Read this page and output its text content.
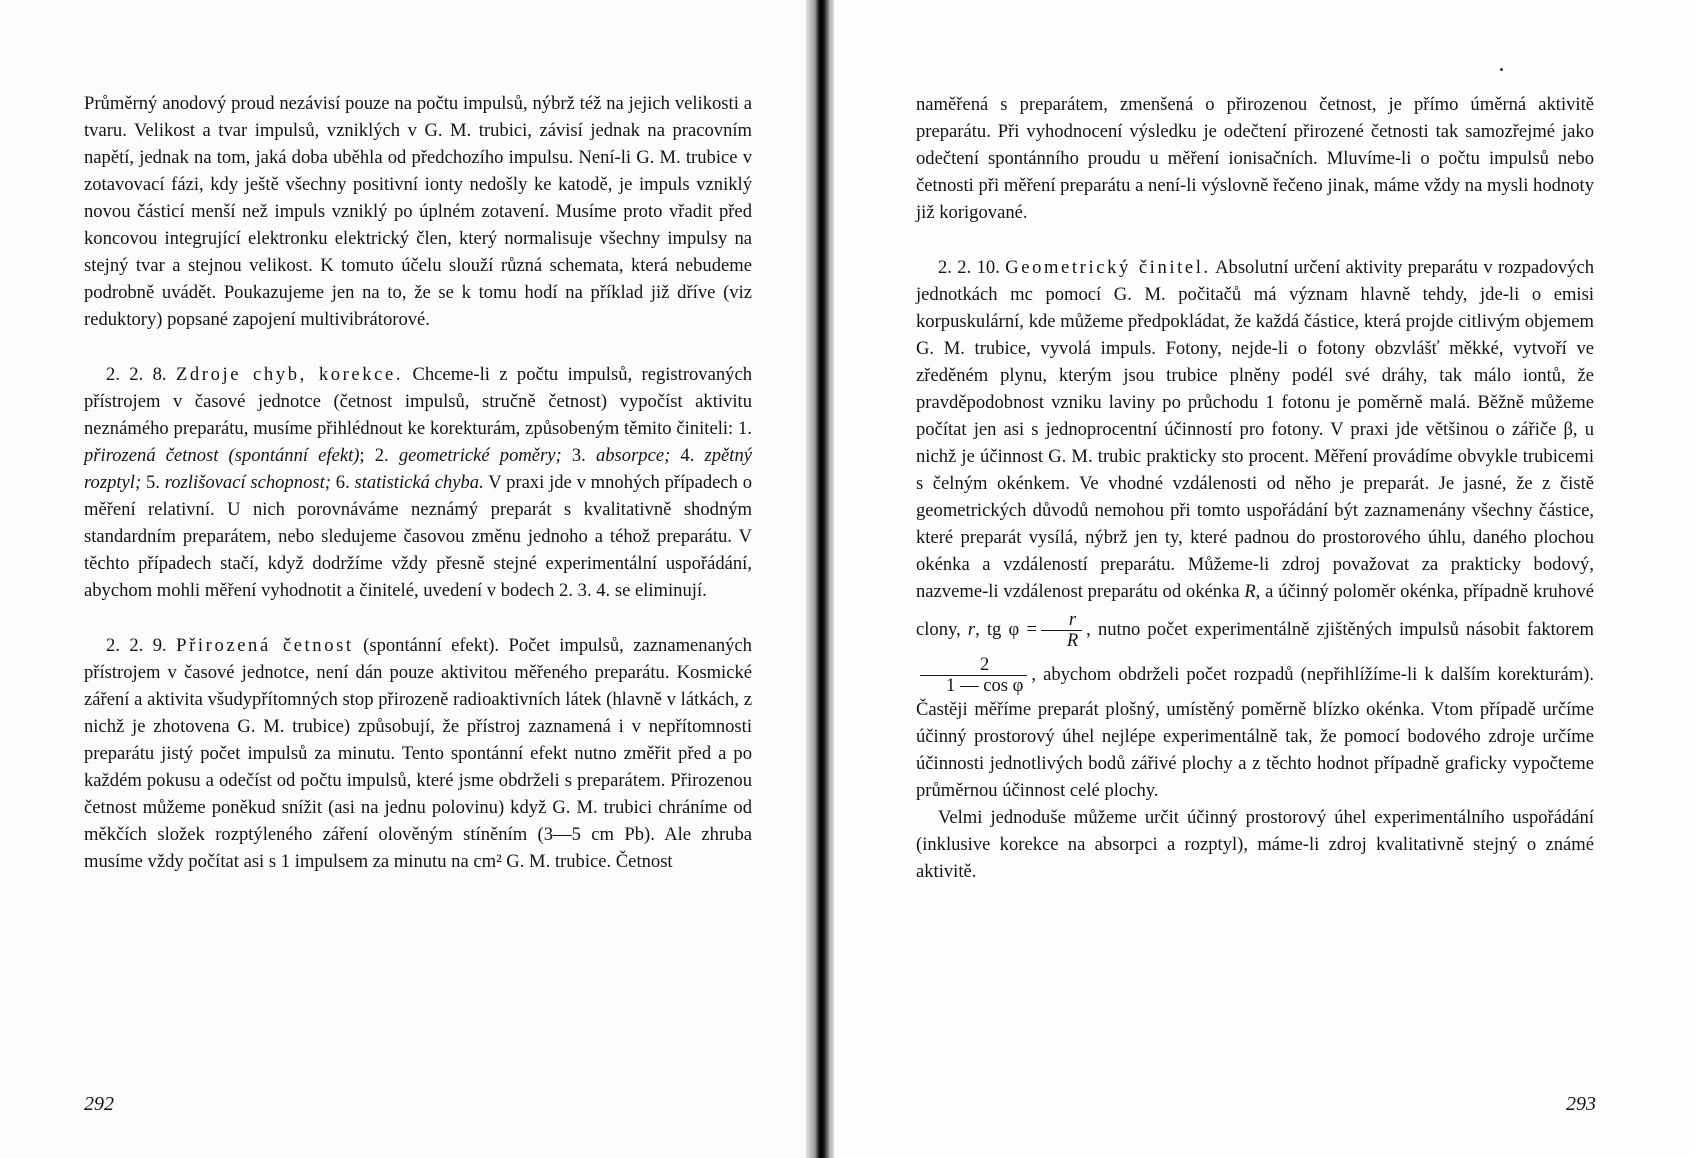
Průměrný anodový proud nezávisí pouze na počtu impulsů, nýbrž též na jejich velikosti a tvaru. Velikost a tvar impulsů, vzniklých v G. M. trubici, závisí jednak na pracovním napětí, jednak na tom, jaká doba uběhla od předchozího impulsu. Není-li G. M. trubice v zotavovací fázi, kdy ještě všechny positivní ionty nedošly ke katodě, je impuls vzniklý novou částicí menší než impuls vzniklý po úplném zotavení. Musíme proto vřadit před koncovou integrující elektronku elektrický člen, který normalisuje všechny impulsy na stejný tvar a stejnou velikost. K tomuto účelu slouží různá schemata, která nebudeme podrobně uvádět. Poukazujeme jen na to, že se k tomu hodí na příklad již dříve (viz reduktory) popsané zapojení multivibrátorové.

2. 2. 8. Zdroje chyb, korekce. Chceme-li z počtu impulsů, registrovaných přístrojem v časové jednotce (četnost impulsů, stručně četnost) vypočíst aktivitu neznámého preparátu, musíme přihlédnout ke korekturám, způsobeným těmito činiteli: 1. přirozená četnost (spontánní efekt); 2. geometrické poměry; 3. absorpce; 4. zpětný rozptyl; 5. rozlišovací schopnost; 6. statistická chyba. V praxi jde v mnohých případech o měření relativní. U nich porovnáváme neznámý preparát s kvalitativně shodným standardním preparátem, nebo sledujeme časovou změnu jednoho a téhož preparátu. V těchto případech stačí, když dodržíme vždy přesně stejné experimentální uspořádání, abychom mohli měření vyhodnotit a činitelé, uvedení v bodech 2. 3. 4. se eliminují.

2. 2. 9. Přirozená četnost (spontánní efekt). Počet impulsů, zaznamenaných přístrojem v časové jednotce, není dán pouze aktivitou měřeného preparátu. Kosmické záření a aktivita všudypřítomných stop přirozeně radioaktivních látek (hlavně v látkách, z nichž je zhotovena G. M. trubice) způsobují, že přístroj zaznamená i v nepřítomnosti preparátu jistý počet impulsů za minutu. Tento spontánní efekt nutno změřit před a po každém pokusu a odečíst od počtu impulsů, které jsme obdrželi s preparátem. Přirozenou četnost můžeme poněkud snížit (asi na jednu polovinu) když G. M. trubici chráníme od měkčích složek rozptýleného záření olověným stíněním (3—5 cm Pb). Ale zhruba musíme vždy počítat asi s 1 impulsem za minutu na cm² G. M. trubice. Četnost

292

naměřená s preparátem, zmenšená o přirozenou četnost, je přímo úměrná aktivitě preparátu. Při vyhodnocení výsledku je odečtení přirozené četnosti tak samozřejmé jako odečtení spontánního proudu u měření ionisačních. Mluvíme-li o počtu impulsů nebo četnosti při měření preparátu a není-li výslovně řečeno jinak, máme vždy na mysli hodnoty již korigované.

2. 2. 10. Geometrický činitel. Absolutní určení aktivity preparátu v rozpadových jednotkách mc pomocí G. M. počitačů má význam hlavně tehdy, jde-li o emisi korpuskulární, kde můžeme předpokládat, že každá částice, která projde citlivým objemem G. M. trubice, vyvolá impuls. Fotony, nejde-li o fotony obzvlášť měkké, vytvoří ve zředěném plynu, kterým jsou trubice plněny podél své dráhy, tak málo iontů, že pravděpodobnost vzniku laviny po průchodu 1 fotonu je poměrně malá. Běžně můžeme počítat jen asi s jednoprocentní účinností pro fotony. V praxi jde většinou o zářiče β, u nichž je účinnost G. M. trubic prakticky sto procent. Měření provádíme obvykle trubicemi s čelným okénkem. Ve vhodné vzdálenosti od něho je preparát. Je jasné, že z čistě geometrických důvodů nemohou při tomto uspořádání být zaznamenány všechny částice, které preparát vysílá, nýbrž jen ty, které padnou do prostorového úhlu, daného plochou okénka a vzdáleností preparátu. Můžeme-li zdroj považovat za prakticky bodový, nazveme-li vzdálenost preparátu od okénka R, a účinný poloměr okénka, případně kruhové clony, r, tg $\varphi = \frac{r}{R}$ , nutno počet experimentálně zjištěných impulsů násobit faktorem
$\frac{2}{\text{1 — cos φ}}$ , abychom obdrželi počet rozpadů (nepřihlížíme-li k dalším korekturám). Častěji měříme preparát plošný, umístěný poměrně blízko okénka. Vtom případě určíme účinný prostorový úhel nejlépe experimentálně tak, že pomocí bodového zdroje určíme účinnosti jednotlivých bodů zářivé plochy a z těchto hodnot případně graficky vypočteme průměrnou účinnost celé plochy.

Velmi jednoduše můžeme určit účinný prostorový úhel experimentálního uspořádání (inklusive korekce na absorpci a rozptyl), máme-li zdroj kvalitativně stejný o známé aktivitě.

293
